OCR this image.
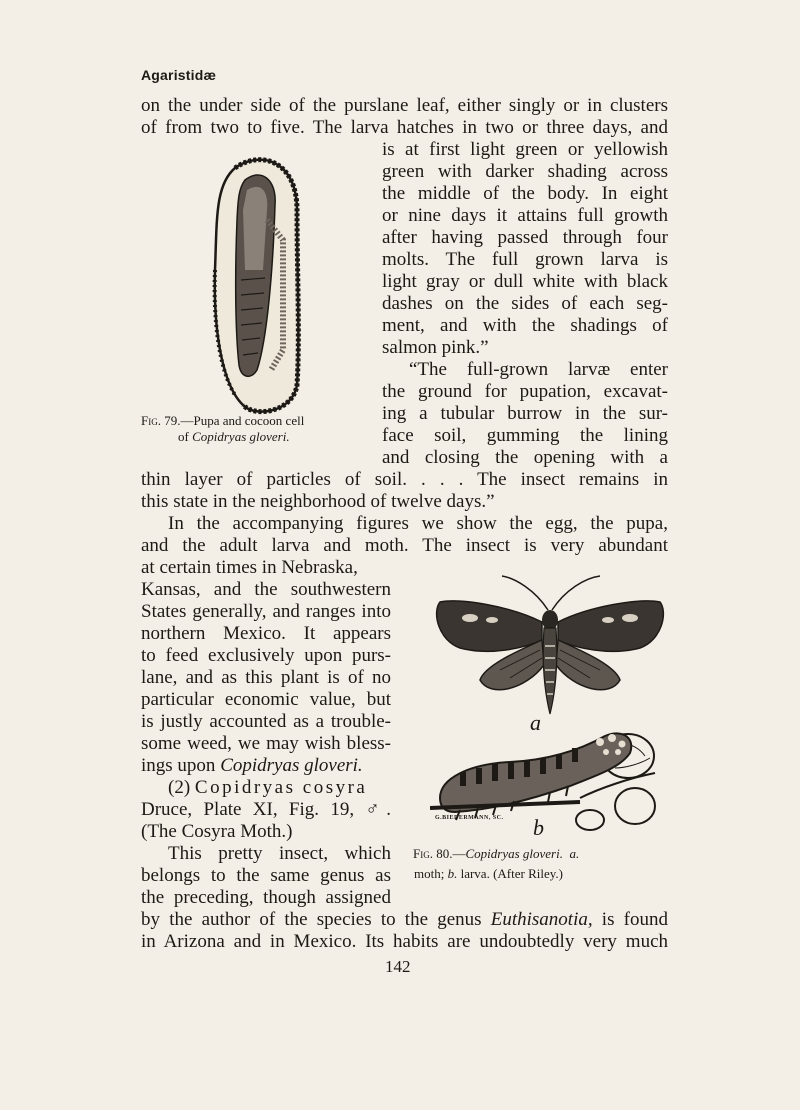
Agaristidæ
on the under side of the purslane leaf, either singly or in clusters
of from two to five. The larva hatches in two or three days, and
is at first light green or yellowish
green with darker shading across
the middle of the body. In eight
or nine days it attains full growth
after having passed through four
molts. The full grown larva is
light gray or dull white with black
dashes on the sides of each seg-
ment, and with the shadings of
salmon pink.”
“The full-grown larvæ enter
the ground for pupation, excavat-
ing a tubular burrow in the sur-
face soil, gumming the lining
and closing the opening with a
thin layer of particles of soil. . . . The insect remains in
this state in the neighborhood of twelve days.”
In the accompanying figures we show the egg, the pupa,
and the adult larva and moth. The insect is very abundant
at certain times in Nebraska,
Kansas, and the southwestern
States generally, and ranges into
northern Mexico. It appears
to feed exclusively upon purs-
lane, and as this plant is of no
particular economic value, but
is justly accounted as a trouble-
some weed, we may wish bless-
ings upon Copidryas gloveri.
(2) Copidryas cosyra
Druce, Plate XI, Fig. 19, ♂.
(The Cosyra Moth.)
This pretty insect, which
belongs to the same genus as
the preceding, though assigned
by the author of the species to the genus Euthisanotia, is found
in Arizona and in Mexico. Its habits are undoubtedly very much
142
Fig. 79.—Pupa and cocoon cell
of Copidryas gloveri.
a
G.BIEDERMANN, SC. b
Fig. 80.—Copidryas gloveri. a.
moth; b. larva. (After Riley.)
